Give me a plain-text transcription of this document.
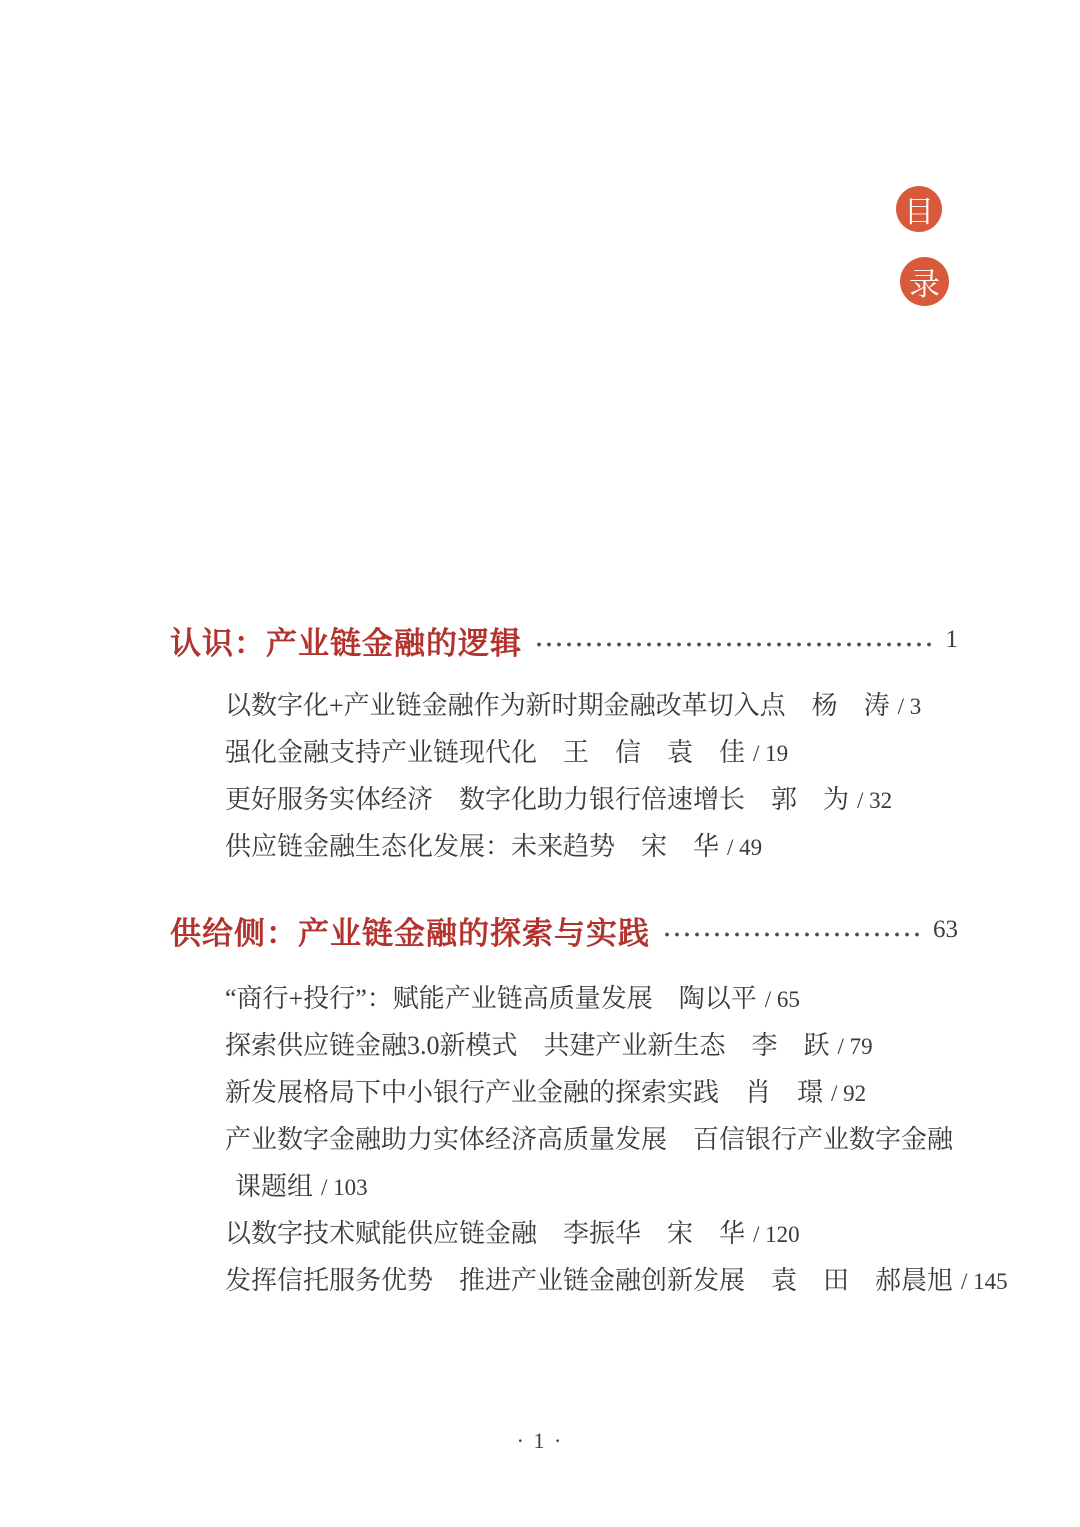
目
录
认识：产业链金融的逻辑	1
以数字化+产业链金融作为新时期金融改革切入点　杨　涛 / 3
强化金融支持产业链现代化　王　信　袁　佳 / 19
更好服务实体经济　数字化助力银行倍速增长　郭　为 / 32
供应链金融生态化发展：未来趋势　宋　华 / 49
供给侧：产业链金融的探索与实践	63
“商行+投行”：赋能产业链高质量发展　陶以平 / 65
探索供应链金融3.0新模式　共建产业新生态　李　跃 / 79
新发展格局下中小银行产业金融的探索实践　肖　璟 / 92
产业数字金融助力实体经济高质量发展　百信银行产业数字金融
课题组 / 103
以数字技术赋能供应链金融　李振华　宋　华 / 120
发挥信托服务优势　推进产业链金融创新发展　袁　田　郝晨旭 / 145
· 1 ·
